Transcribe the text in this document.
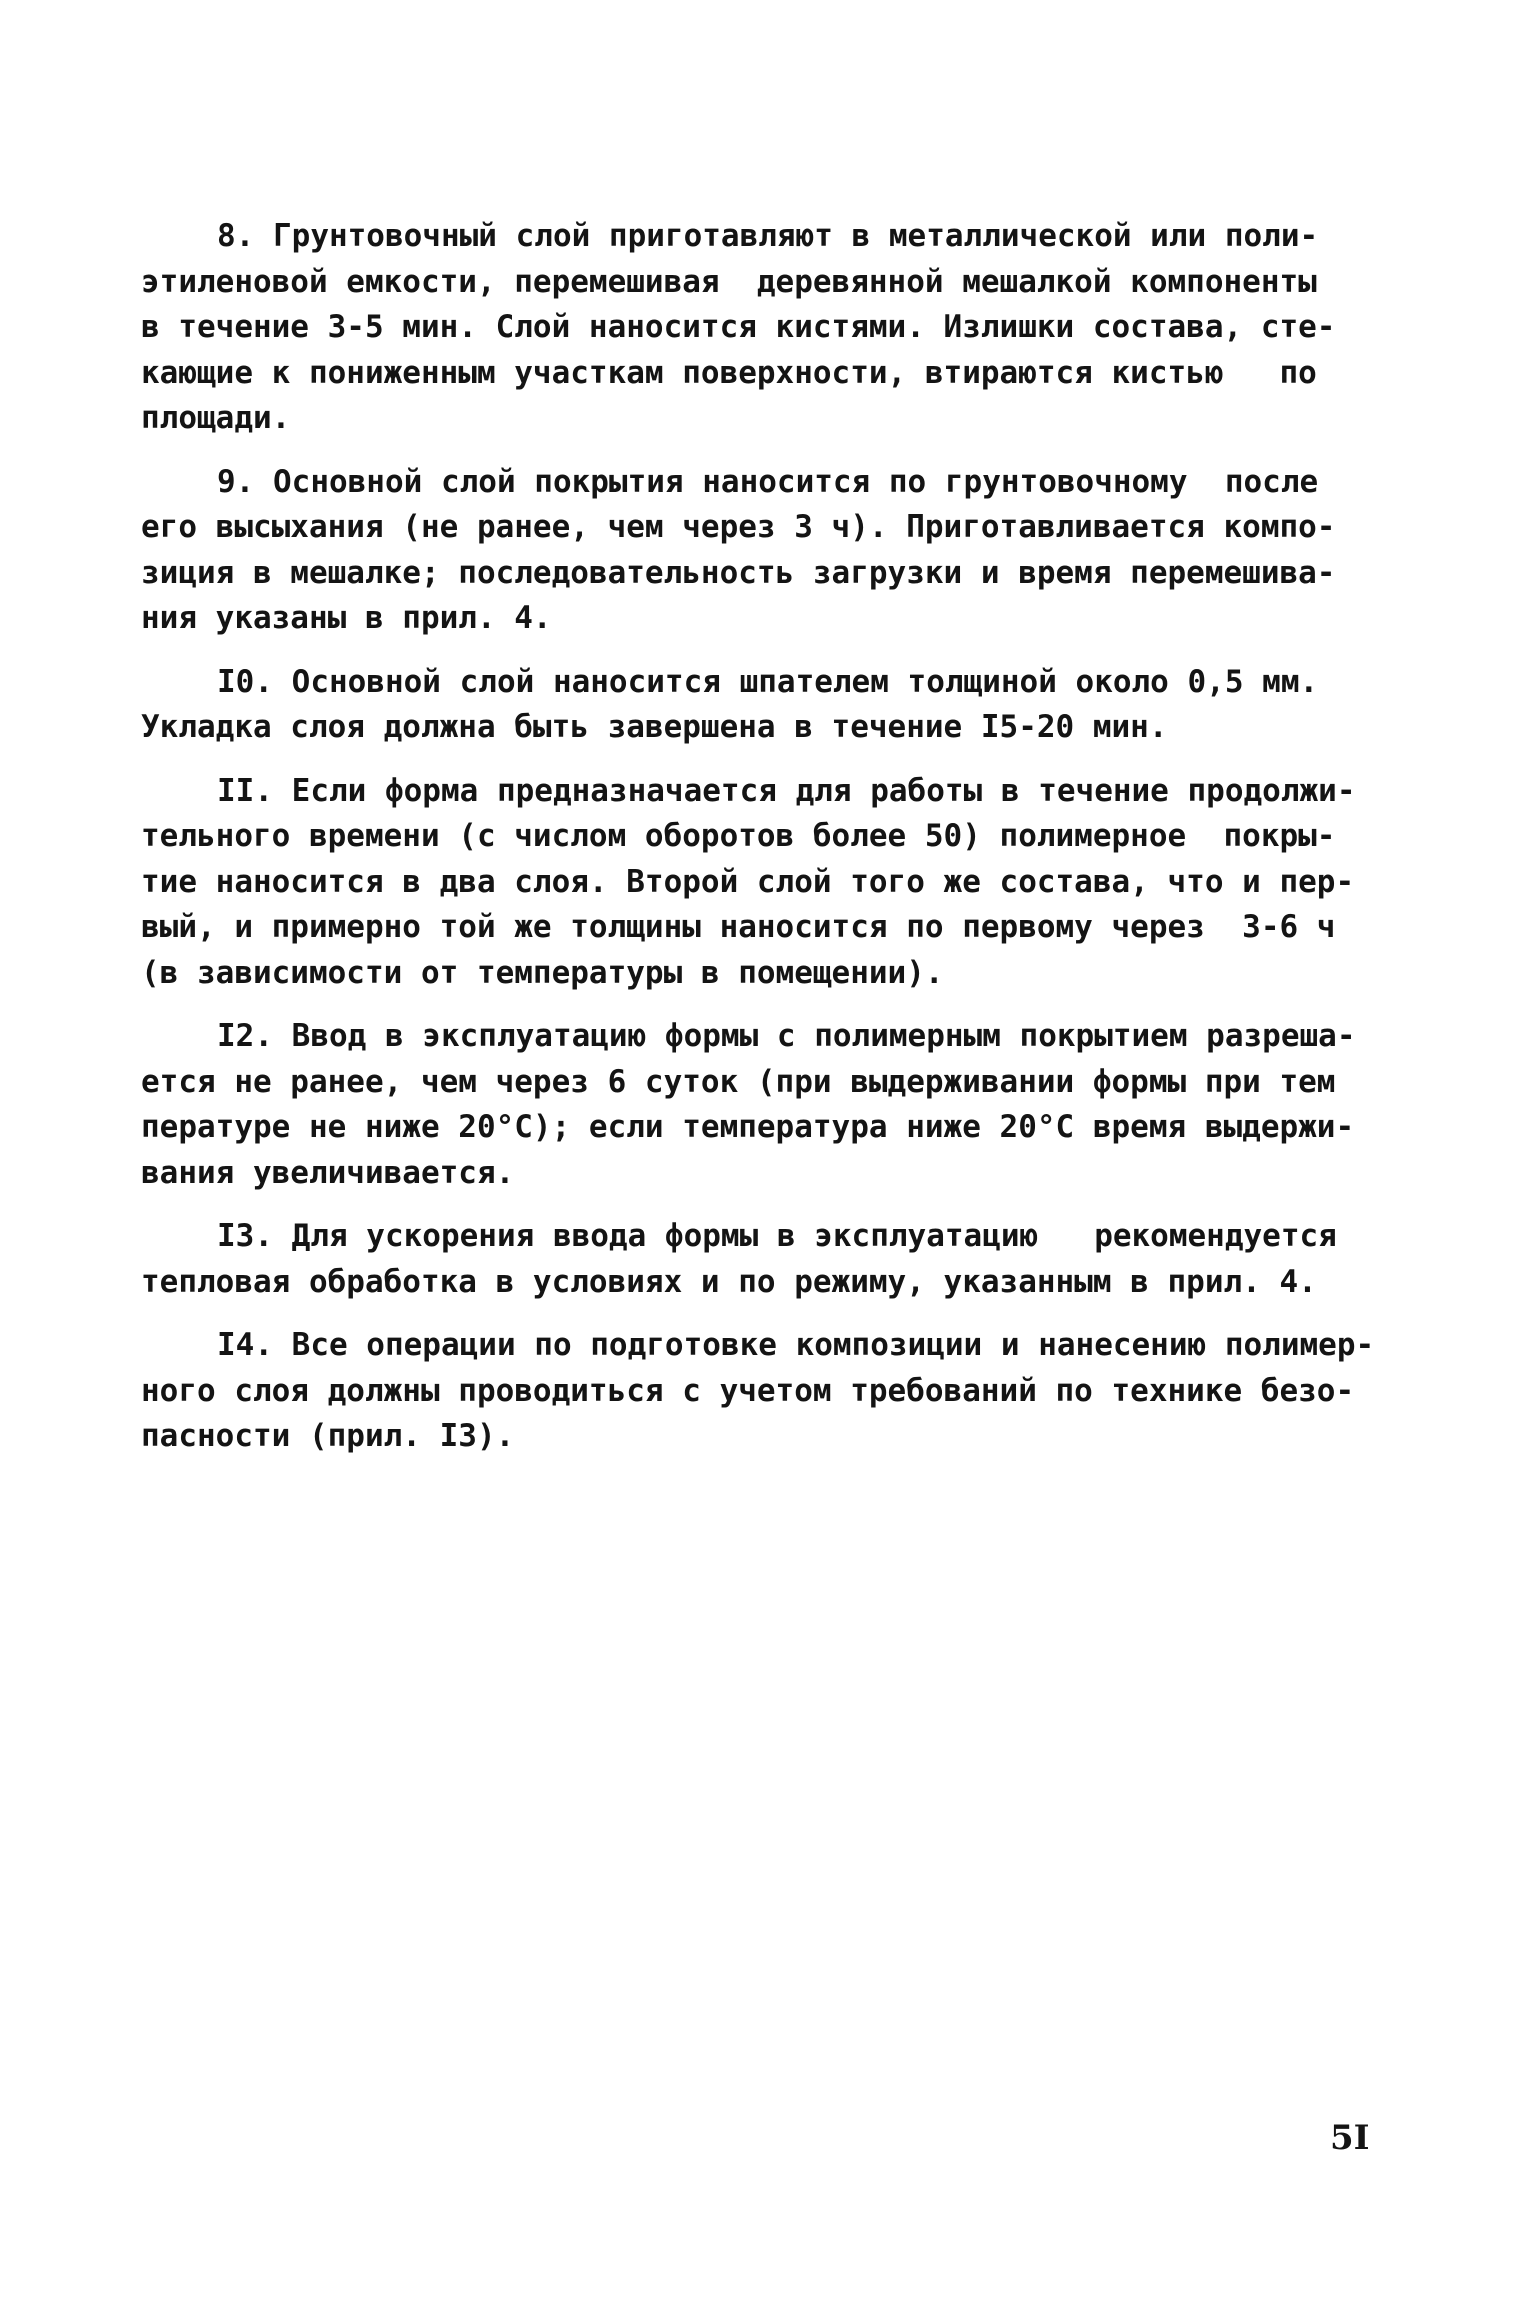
8. Грунтовочный слой приготавляют в металлической или поли-
этиленовой емкости, перемешивая  деревянной мешалкой компоненты
в течение 3-5 мин. Слой наносится кистями. Излишки состава, сте-
кающие к пониженным участкам поверхности, втираются кистью   по
площади.
9. Основной слой покрытия наносится по грунтовочному  после
его высыхания (не ранее, чем через 3 ч). Приготавливается компо-
зиция в мешалке; последовательность загрузки и время перемешива-
ния указаны в прил. 4.
I0. Основной слой наносится шпателем толщиной около 0,5 мм.
Укладка слоя должна быть завершена в течение I5-20 мин.
II. Если форма предназначается для работы в течение продолжи-
тельного времени (с числом оборотов более 50) полимерное  покры-
тие наносится в два слоя. Второй слой того же состава, что и пер-
вый, и примерно той же толщины наносится по первому через  3-6 ч
(в зависимости от температуры в помещении).
I2. Ввод в эксплуатацию формы с полимерным покрытием разреша-
ется не ранее, чем через 6 суток (при выдерживании формы при тем
пературе не ниже 20°С); если температура ниже 20°С время выдержи-
вания увеличивается.
I3. Для ускорения ввода формы в эксплуатацию   рекомендуется
тепловая обработка в условиях и по режиму, указанным в прил. 4.
I4. Все операции по подготовке композиции и нанесению полимер-
ного слоя должны проводиться с учетом требований по технике безо-
пасности (прил. I3).
5I
